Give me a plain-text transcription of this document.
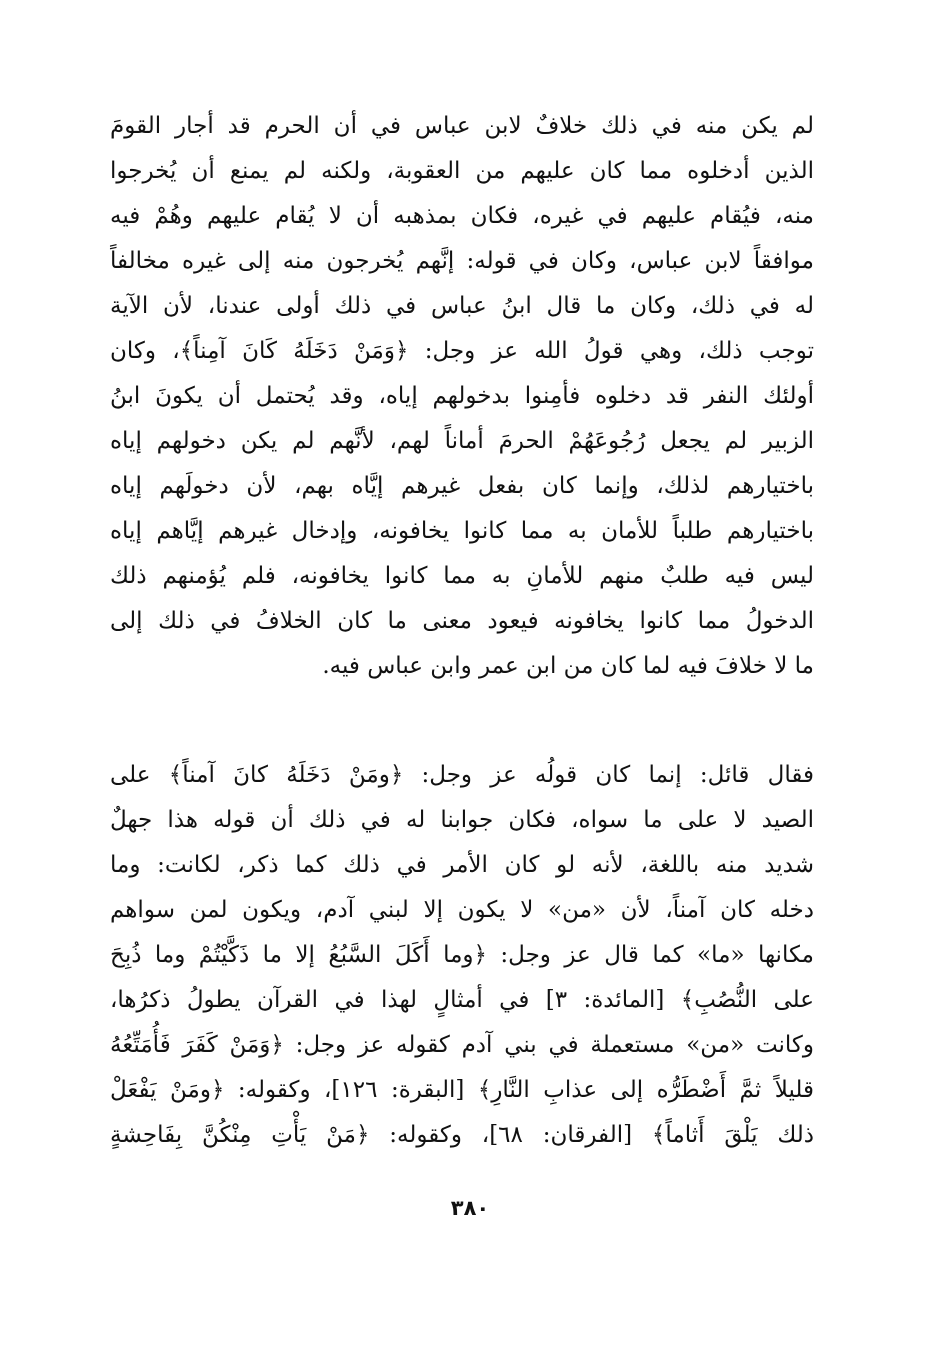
لم يكن منه في ذلك خلافٌ لابن عباس في أن الحرم قد أجار القومَ
الذين أدخلوه مما كان عليهم من العقوبة، ولكنه لم يمنع أن يُخرجوا
منه، فيُقام عليهم في غيره، فكان بمذهبه أن لا يُقام عليهم وهُمْ فيه
موافقاً لابن عباس، وكان في قوله: إنَّهم يُخرجون منه إلى غيره مخالفاً
له في ذلك، وكان ما قال ابنُ عباس في ذلك أولى عندنا، لأن الآية
توجب ذلك، وهي قولُ الله عز وجل: ﴿وَمَنْ دَخَلَهُ كَانَ آمِناً﴾، وكان
أولئك النفر قد دخلوه فأمِنوا بدخولهم إياه، وقد يُحتمل أن يكونَ ابنُ
الزبير لم يجعل رُجُوعَهُمْ الحرمَ أماناً لهم، لأنَّهم لم يكن دخولهم إياه
باختيارهم لذلك، وإنما كان بفعل غيرهم إيَّاه بهم، لأن دخولَهم إياه
باختيارهم طلباً للأمان به مما كانوا يخافونه، وإدخال غيرهم إيَّاهم إياه
ليس فيه طلبٌ منهم للأمانِ به مما كانوا يخافونه، فلم يُؤمنهم ذلك
الدخولُ مما كانوا يخافونه فيعود معنى ما كان الخلافُ في ذلك إلى
ما لا خلافَ فيه لما كان من ابن عمر وابن عباس فيه.
فقال قائل: إنما كان قولُه عز وجل: ﴿ومَنْ دَخَلَهُ كانَ آمناً﴾ على
الصيد لا على ما سواه، فكان جوابنا له في ذلك أن قوله هذا جهلٌ
شديد منه باللغة، لأنه لو كان الأمر في ذلك كما ذكر، لكانت: وما
دخله كان آمناً، لأن «من» لا يكون إلا لبني آدم، ويكون لمن سواهم
مكانها «ما» كما قال عز وجل: ﴿وما أَكَلَ السَّبُعُ إلا ما ذَكَّيْتُمْ وما ذُبِحَ
على النُّصُبِ﴾ [المائدة: ٣] في أمثالٍ لهذا في القرآن يطولُ ذكرُها،
وكانت «من» مستعملة في بني آدم كقوله عز وجل: ﴿وَمَنْ كَفَرَ فَأُمَتِّعُهُ
قليلاً ثمَّ أَضْطَرُّه إلى عذابِ النَّارِ﴾ [البقرة: ١٢٦]، وكقوله: ﴿ومَنْ يَفْعَلْ
ذلك يَلْقَ أَثاماً﴾ [الفرقان: ٦٨]، وكقوله: ﴿مَنْ يَأْتِ مِنْكُنَّ بِفَاحِشةٍ
٣٨٠
